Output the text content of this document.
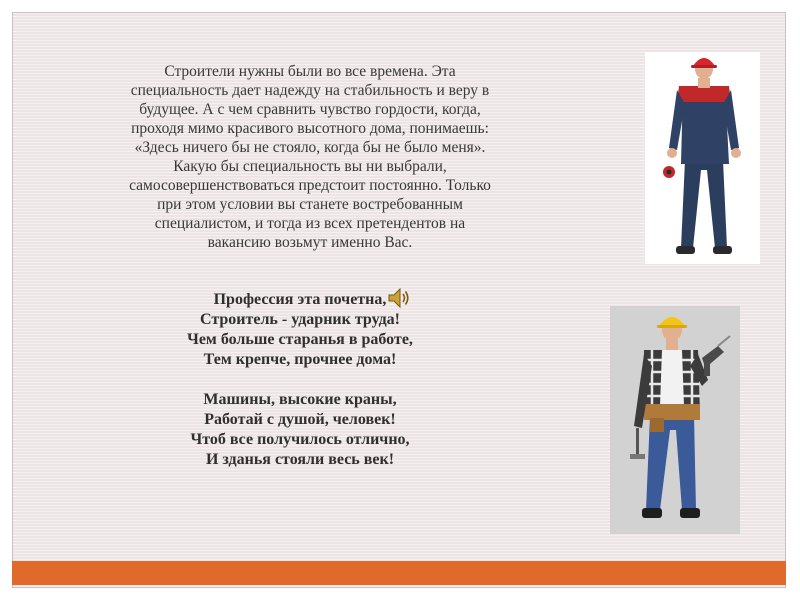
Строители нужны были во все времена. Эта

специальность дает надежду на стабильность и веру в

будущее. А с чем сравнить чувство гордости, когда,

проходя мимо красивого высотного дома, понимаешь:

«Здесь ничего бы не стояло, когда бы не было меня».

Какую бы специальность вы ни выбрали,

самосовершенствоваться предстоит постоянно. Только

при этом условии вы станете востребованным

специалистом, и тогда из всех претендентов на

вакансию возьмут именно Вас.

Профессия эта почетна,
Строитель - ударник труда!
Чем больше старанья в работе,
Тем крепче, прочнее дома!
Машины, высокие краны,
Работай с душой, человек!
Чтоб все получилось отлично,
И зданья стояли весь век!
